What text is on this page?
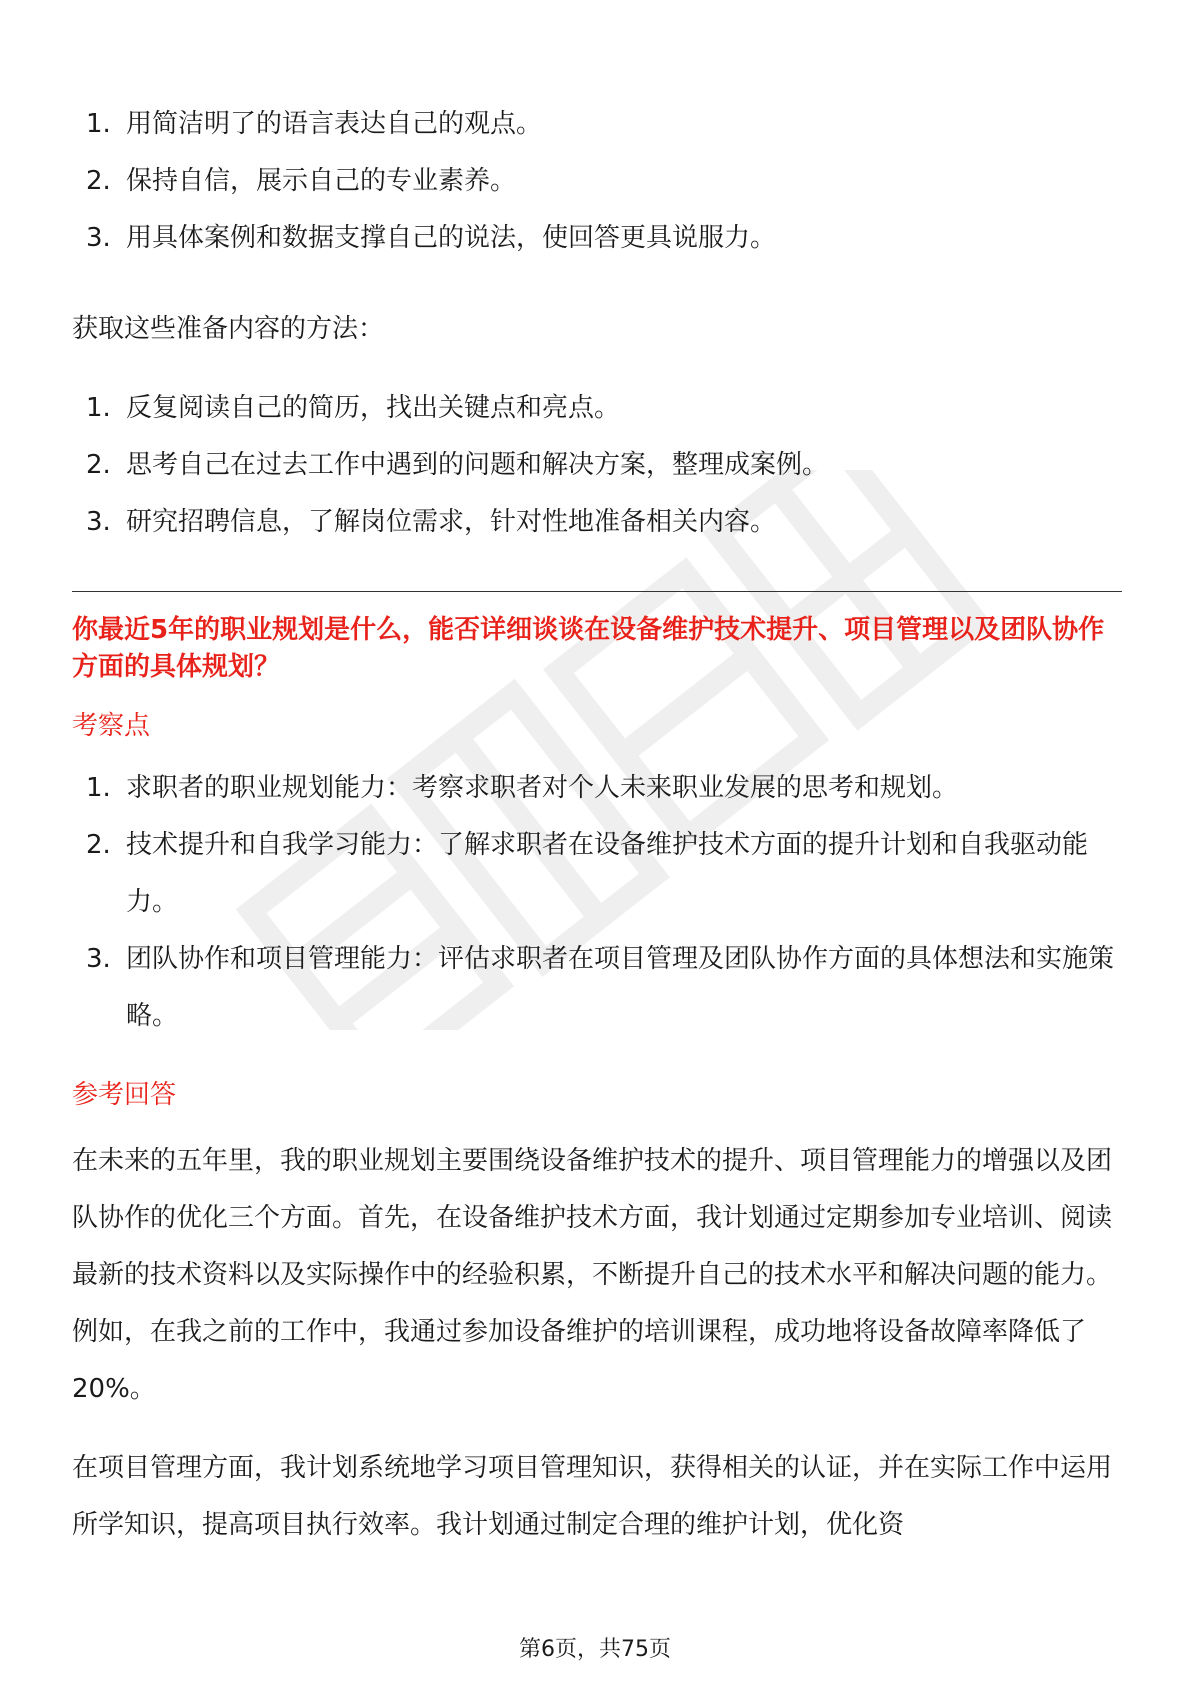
1. 用简洁明了的语言表达自己的观点。
2. 保持自信，展示自己的专业素养。
3. 用具体案例和数据支撑自己的说法，使回答更具说服力。

获取这些准备内容的方法：

1. 反复阅读自己的简历，找出关键点和亮点。
2. 思考自己在过去工作中遇到的问题和解决方案，整理成案例。
3. 研究招聘信息，了解岗位需求，针对性地准备相关内容。

你最近5年的职业规划是什么，能否详细谈谈在设备维护技术提升、项目管理以及团队协作方面的具体规划？

考察点
1. 求职者的职业规划能力：考察求职者对个人未来职业发展的思考和规划。
2. 技术提升和自我学习能力：了解求职者在设备维护技术方面的提升计划和自我驱动能力。
3. 团队协作和项目管理能力：评估求职者在项目管理及团队协作方面的具体想法和实施策略。
参考回答

在未来的五年里，我的职业规划主要围绕设备维护技术的提升、项目管理能力的增强以及团队协作的优化三个方面。首先，在设备维护技术方面，我计划通过定期参加专业培训、阅读最新的技术资料以及实际操作中的经验积累，不断提升自己的技术水平和解决问题的能力。例如，在我之前的工作中，我通过参加设备维护的培训课程，成功地将设备故障率降低了20%。

在项目管理方面，我计划系统地学习项目管理知识，获得相关的认证，并在实际工作中运用所学知识，提高项目执行效率。我计划通过制定合理的维护计划，优化资

第6页，共75页
